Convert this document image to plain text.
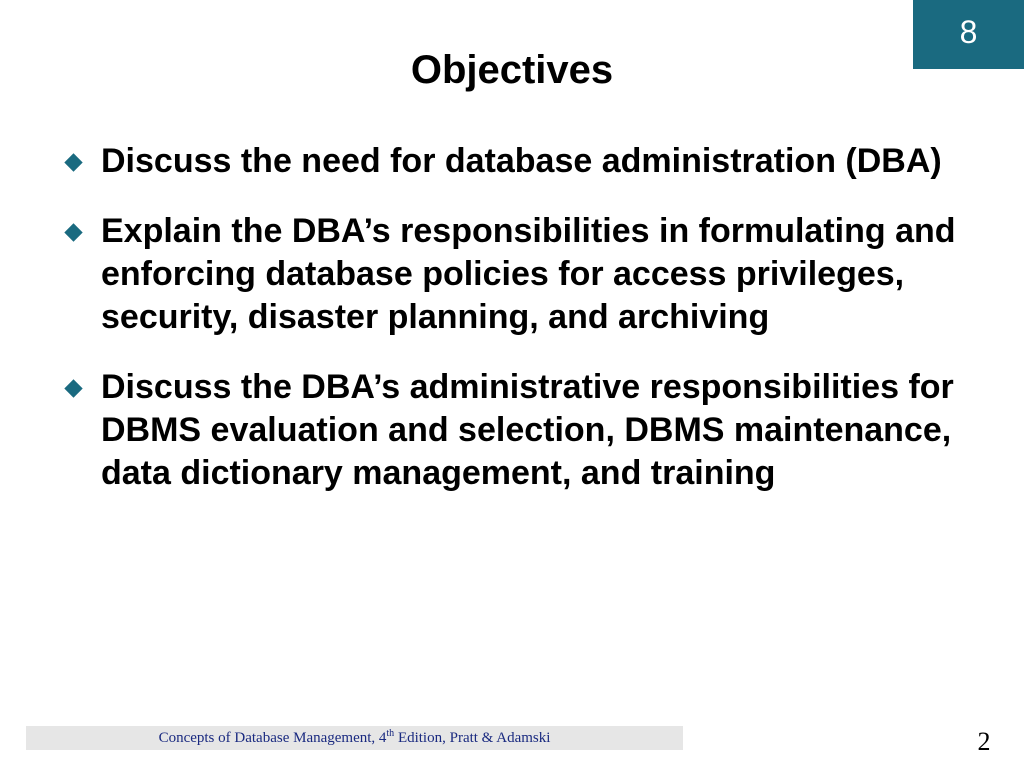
8
Objectives
Discuss the need for database administration (DBA)
Explain the DBA’s responsibilities in formulating and enforcing database policies for access privileges, security, disaster planning, and archiving
Discuss the DBA’s administrative responsibilities for DBMS evaluation and selection, DBMS maintenance, data dictionary management, and training
Concepts of Database Management, 4th Edition, Pratt & Adamski	2
